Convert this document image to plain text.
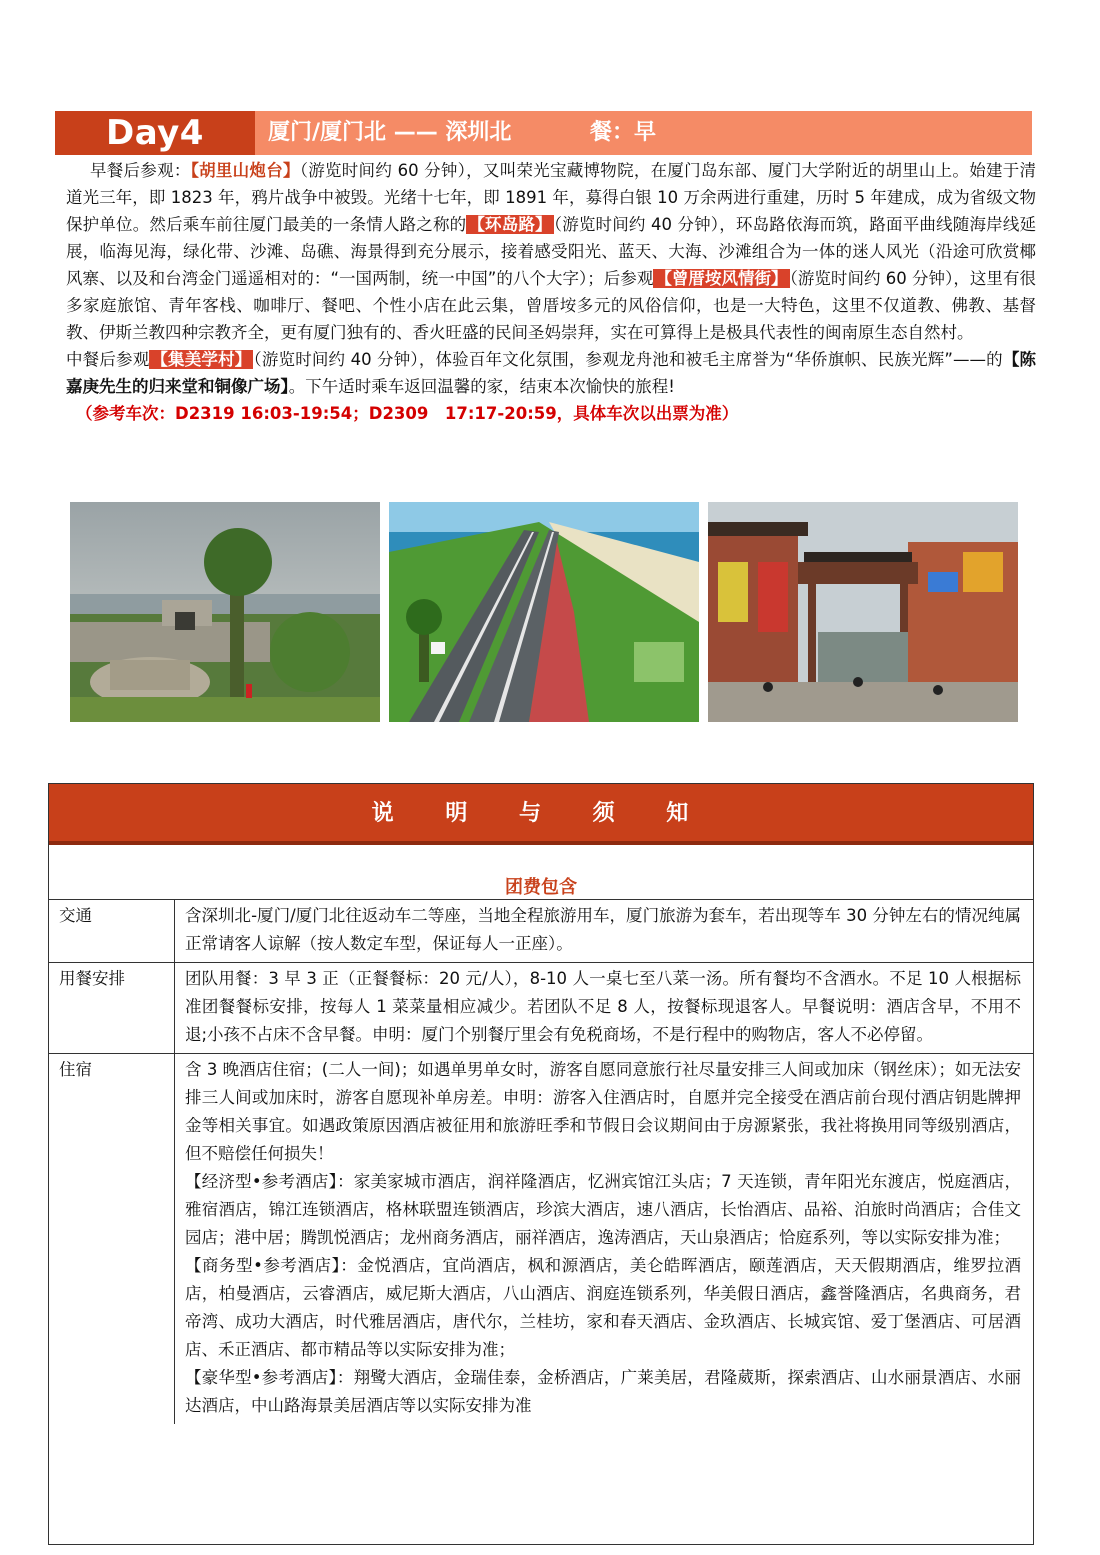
Day4	厦门/厦门北 —— 深圳北	餐：早

早餐后参观：【胡里山炮台】（游览时间约 60 分钟），又叫荣光宝藏博物院，在厦门岛东部、厦门大学附近的胡里山上。始建于清道光三年，即 1823 年，鸦片战争中被毁。光绪十七年，即 1891 年，募得白银 10 万余两进行重建，历时 5 年建成，成为省级文物保护单位。然后乘车前往厦门最美的一条情人路之称的 【环岛路】 （游览时间约 40 分钟），环岛路依海而筑，路面平曲线随海岸线延展，临海见海，绿化带、沙滩、岛礁、海景得到充分展示，接着感受阳光、蓝天、大海、沙滩组合为一体的迷人风光（沿途可欣赏椰风寨、以及和台湾金门遥遥相对的：“一国两制，统一中国”的八个大字）；后参观 【曾厝垵风情街】 （游览时间约 60 分钟），这里有很多家庭旅馆、青年客栈、咖啡厅、餐吧、个性小店在此云集，曾厝垵多元的风俗信仰，也是一大特色，这里不仅道教、佛教、基督教、伊斯兰教四种宗教齐全，更有厦门独有的、香火旺盛的民间圣妈崇拜，实在可算得上是极具代表性的闽南原生态自然村。

中餐后参观 【集美学村】 （游览时间约 40 分钟），体验百年文化氛围，参观龙舟池和被毛主席誉为“华侨旗帜、民族光辉”——的【陈嘉庚先生的归来堂和铜像广场】。下午适时乘车返回温馨的家，结束本次愉快的旅程!

（参考车次：D2319 16:03-19:54；D2309　17:17-20:59，具体车次以出票为准）

说 明 与 须 知
团费包含
交通	含深圳北-厦门/厦门北往返动车二等座，当地全程旅游用车，厦门旅游为套车，若出现等车 30 分钟左右的情况纯属正常请客人谅解（按人数定车型，保证每人一正座）。

用餐安排	团队用餐：3 早 3 正（正餐餐标：20 元/人），8-10 人一桌七至八菜一汤。所有餐均不含酒水。不足 10 人根据标准团餐餐标安排，按每人 1 菜菜量相应减少。若团队不足 8 人，按餐标现退客人。早餐说明：酒店含早，不用不退;小孩不占床不含早餐。申明：厦门个别餐厅里会有免税商场，不是行程中的购物店，客人不必停留。

住宿	含 3 晚酒店住宿；(二人一间)；如遇单男单女时，游客自愿同意旅行社尽量安排三人间或加床（钢丝床）；如无法安排三人间或加床时，游客自愿现补单房差。申明：游客入住酒店时，自愿并完全接受在酒店前台现付酒店钥匙牌押金等相关事宜。如遇政策原因酒店被征用和旅游旺季和节假日会议期间由于房源紧张，我社将换用同等级别酒店，但不赔偿任何损失！

【经济型•参考酒店】：家美家城市酒店，润祥隆酒店，忆洲宾馆江头店；7 天连锁，青年阳光东渡店，悦庭酒店，雅宿酒店，锦江连锁酒店，格林联盟连锁酒店，珍滨大酒店，速八酒店，长怡酒店、品裕、泊旅时尚酒店；合佳文园店；港中居；腾凯悦酒店；龙州商务酒店，丽祥酒店，逸涛酒店，天山泉酒店；恰庭系列，等以实际安排为准；

【商务型•参考酒店】：金悦酒店，宜尚酒店，枫和源酒店，美仑皓晖酒店，颐莲酒店，天天假期酒店，维罗拉酒店，柏曼酒店，云睿酒店，威尼斯大酒店，八山酒店、润庭连锁系列，华美假日酒店，鑫誉隆酒店，名典商务，君帝湾、成功大酒店，时代雅居酒店，唐代尔，兰桂坊，家和春天酒店、金玖酒店、长城宾馆、爱丁堡酒店、可居酒店、禾正酒店、都市精品等以实际安排为准；

【豪华型•参考酒店】：翔鹭大酒店，金瑞佳泰，金桥酒店，广莱美居，君隆葳斯，探索酒店、山水丽景酒店、水丽达酒店，中山路海景美居酒店等以实际安排为准
